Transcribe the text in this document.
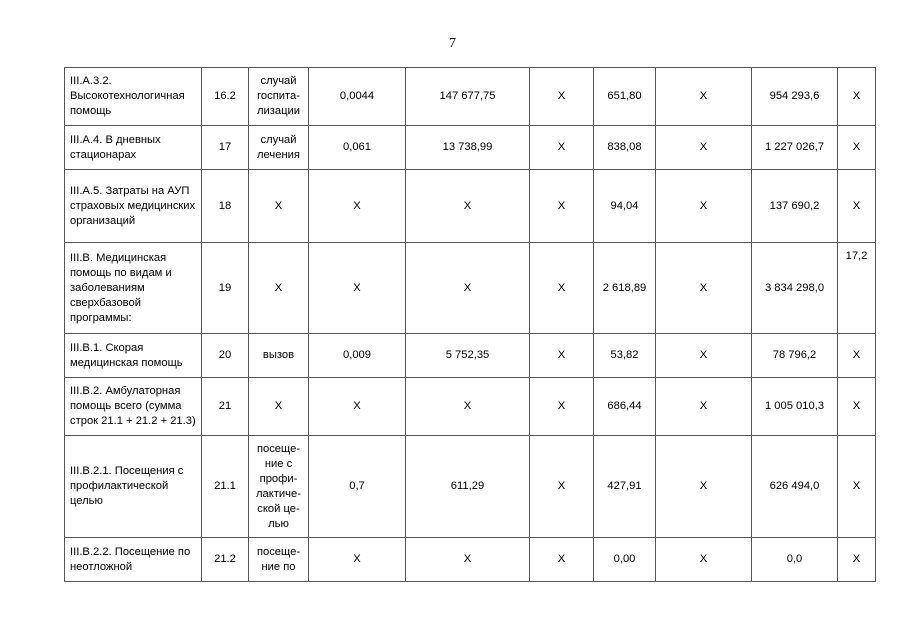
7
III.А.3.2. Высокотехнологичная помощь	16.2	случай госпита-лизации	0,0044	147 677,75	X	651,80	X	954 293,6	X
III.А.4. В дневных стационарах	17	случай лечения	0,061	13 738,99	X	838,08	X	1 227 026,7	X
III.А.5. Затраты на АУП страховых медицинских организаций	18	X	X	X	X	94,04	X	137 690,2	X
III.В. Медицинская помощь по видам и заболеваниям сверхбазовой программы:	19	X	X	X	X	2 618,89	X	3 834 298,0	17,2
III.В.1. Скорая медицинская помощь	20	вызов	0,009	5 752,35	X	53,82	X	78 796,2	X
III.В.2. Амбулаторная помощь всего (сумма строк 21.1 + 21.2 + 21.3)	21	X	X	X	X	686,44	X	1 005 010,3	X
III.В.2.1. Посещения с профилактической целью	21.1	посеще-ние с профи-лактиче-ской це-лью	0,7	611,29	X	427,91	X	626 494,0	X
III.В.2.2. Посещение по неотложной	21.2	посеще-ние по	X	X	X	0,00	X	0,0	X
